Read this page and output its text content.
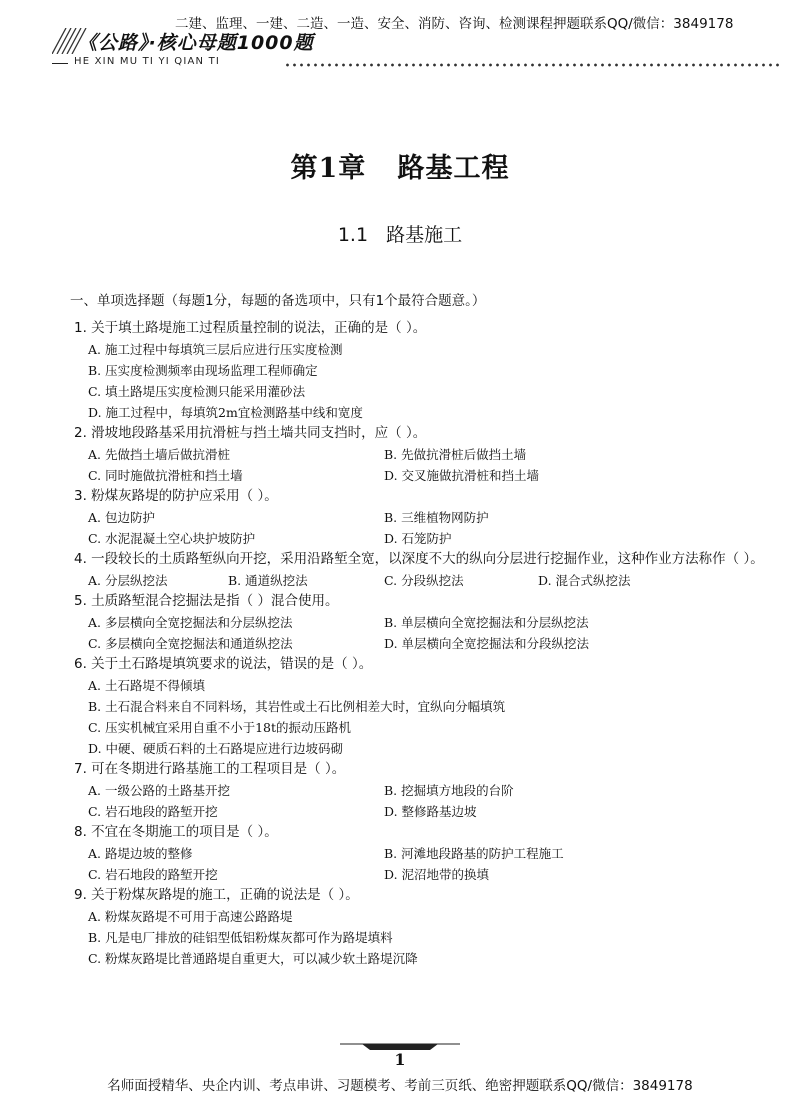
《公路》·核心母题1000题
二建、监理、一建、二造、一造、安全、消防、咨询、检测课程押题联系QQ/微信：3849178
HE XIN MU TI YI QIAN TI
第1章   路基工程
1.1   路基施工
一、单项选择题（每题1分，每题的备选项中，只有1个最符合题意。）
1. 关于填土路堤施工过程质量控制的说法，正确的是（ ）。
A. 施工过程中每填筑三层后应进行压实度检测
B. 压实度检测频率由现场监理工程师确定
C. 填土路堤压实度检测只能采用灌砂法
D. 施工过程中，每填筑2m宜检测路基中线和宽度
2. 滑坡地段路基采用抗滑桩与挡土墙共同支挡时，应（ ）。
A. 先做挡土墙后做抗滑桩	B. 先做抗滑桩后做挡土墙
C. 同时施做抗滑桩和挡土墙	D. 交叉施做抗滑桩和挡土墙
3. 粉煤灰路堤的防护应采用（ ）。
A. 包边防护	B. 三维植物网防护
C. 水泥混凝土空心块护坡防护	D. 石笼防护
4. 一段较长的土质路堑纵向开挖，采用沿路堑全宽，以深度不大的纵向分层进行挖掘作业，这种作业方法称作（ ）。
A. 分层纵挖法	B. 通道纵挖法	C. 分段纵挖法	D. 混合式纵挖法
5. 土质路堑混合挖掘法是指（ ）混合使用。
A. 多层横向全宽挖掘法和分层纵挖法	B. 单层横向全宽挖掘法和分层纵挖法
C. 多层横向全宽挖掘法和通道纵挖法	D. 单层横向全宽挖掘法和分段纵挖法
6. 关于土石路堤填筑要求的说法，错误的是（ ）。
A. 土石路堤不得倾填
B. 土石混合料来自不同料场，其岩性或土石比例相差大时，宜纵向分幅填筑
C. 压实机械宜采用自重不小于18t的振动压路机
D. 中硬、硬质石料的土石路堤应进行边坡码砌
7. 可在冬期进行路基施工的工程项目是（ ）。
A. 一级公路的土路基开挖	B. 挖掘填方地段的台阶
C. 岩石地段的路堑开挖	D. 整修路基边坡
8. 不宜在冬期施工的项目是（ ）。
A. 路堤边坡的整修	B. 河滩地段路基的防护工程施工
C. 岩石地段的路堑开挖	D. 泥沼地带的换填
9. 关于粉煤灰路堤的施工，正确的说法是（ ）。
A. 粉煤灰路堤不可用于高速公路路堤
B. 凡是电厂排放的硅铝型低铝粉煤灰都可作为路堤填料
C. 粉煤灰路堤比普通路堤自重更大，可以减少软土路堤沉降
1
名师面授精华、央企内训、考点串讲、习题模考、考前三页纸、绝密押题联系QQ/微信：3849178
